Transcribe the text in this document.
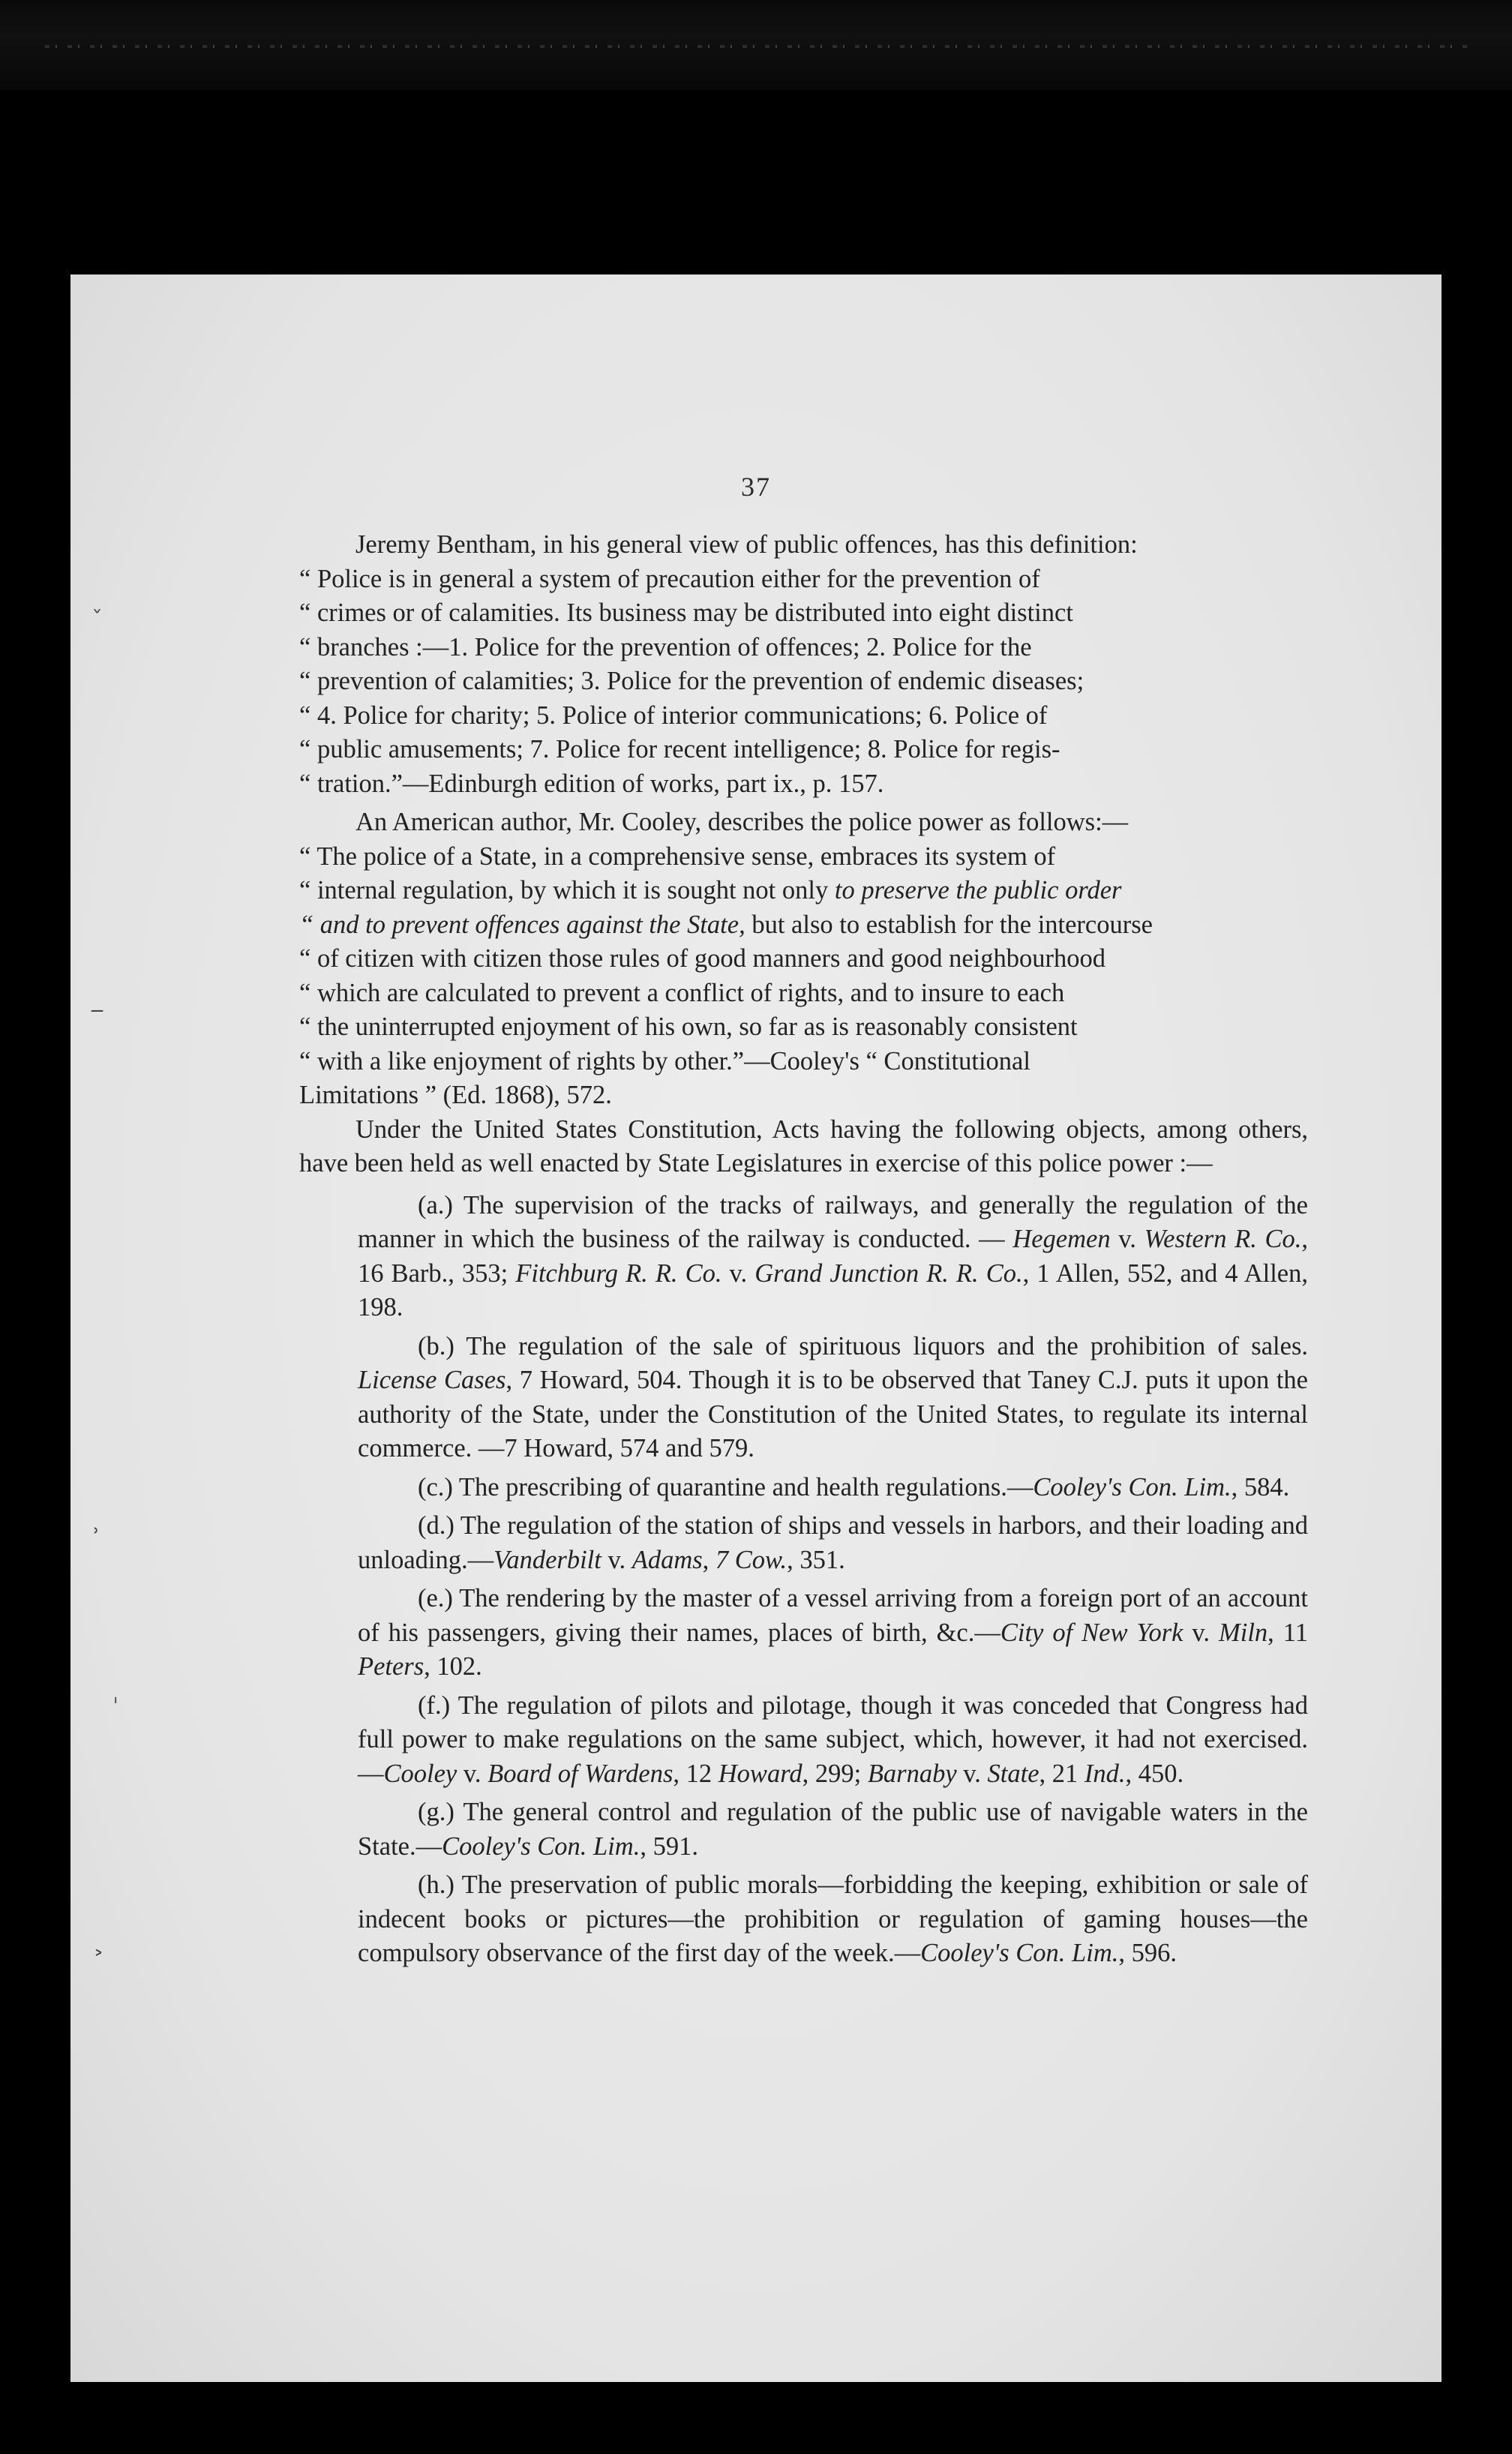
37

Jeremy Bentham, in his general view of public offences, has this definition:

“ Police is in general a system of precaution either for the prevention of

“ crimes or of calamities. Its business may be distributed into eight distinct

“ branches :—1. Police for the prevention of offences; 2. Police for the

“ prevention of calamities; 3. Police for the prevention of endemic diseases;

“ 4. Police for charity; 5. Police of interior communications; 6. Police of

“ public amusements; 7. Police for recent intelligence; 8. Police for regis-

“ tration.”—Edinburgh edition of works, part ix., p. 157.

An American author, Mr. Cooley, describes the police power as follows:—

“ The police of a State, in a comprehensive sense, embraces its system of

“ internal regulation, by which it is sought not only to preserve the public order

“ and to prevent offences against the State, but also to establish for the intercourse

“ of citizen with citizen those rules of good manners and good neighbourhood

“ which are calculated to prevent a conflict of rights, and to insure to each

“ the uninterrupted enjoyment of his own, so far as is reasonably consistent

“ with a like enjoyment of rights by other.”—Cooley's “ Constitutional

Limitations ” (Ed. 1868), 572.

Under the United States Constitution, Acts having the following objects, among others, have been held as well enacted by State Legislatures in exercise of this police power :—

(a.) The supervision of the tracks of railways, and generally the regulation of the manner in which the business of the railway is conducted. — Hegemen v. Western R. Co., 16 Barb., 353; Fitchburg R. R. Co. v. Grand Junction R. R. Co., 1 Allen, 552, and 4 Allen, 198.

(b.) The regulation of the sale of spirituous liquors and the prohibition of sales. License Cases, 7 Howard, 504. Though it is to be observed that Taney C.J. puts it upon the authority of the State, under the Constitution of the United States, to regulate its internal commerce. —7 Howard, 574 and 579.

(c.) The prescribing of quarantine and health regulations.—Cooley's Con. Lim., 584.

(d.) The regulation of the station of ships and vessels in harbors, and their loading and unloading.—Vanderbilt v. Adams, 7 Cow., 351.

(e.) The rendering by the master of a vessel arriving from a foreign port of an account of his passengers, giving their names, places of birth, &c.—City of New York v. Miln, 11 Peters, 102.

(f.) The regulation of pilots and pilotage, though it was conceded that Congress had full power to make regulations on the same subject, which, however, it had not exercised.—Cooley v. Board of Wardens, 12 Howard, 299; Barnaby v. State, 21 Ind., 450.

(g.) The general control and regulation of the public use of navigable waters in the State.—Cooley's Con. Lim., 591.

(h.) The preservation of public morals—forbidding the keeping, exhibition or sale of indecent books or pictures—the prohibition or regulation of gaming houses—the compulsory observance of the first day of the week.—Cooley's Con. Lim., 596.

ˇ
‾
˒
ˈ
˃
